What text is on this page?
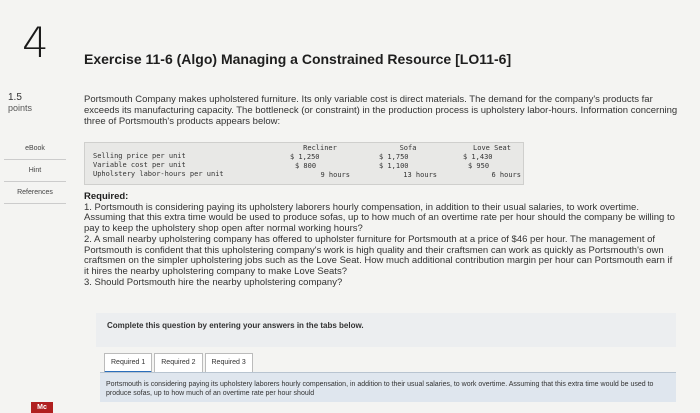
4
1.5
points
eBook
Hint
References
Exercise 11-6 (Algo) Managing a Constrained Resource [LO11-6]
Portsmouth Company makes upholstered furniture. Its only variable cost is direct materials. The demand for the company's products far exceeds its manufacturing capacity. The bottleneck (or constraint) in the production process is upholstery labor-hours. Information concerning three of Portsmouth's products appears below:
Selling price per unit
Variable cost per unit
Upholstery labor-hours per unit
Recliner
$ 1,250
$ 800
9 hours
Sofa
$ 1,750
$ 1,100
13 hours
Love Seat
$ 1,430
$ 950
6 hours
Required:
1. Portsmouth is considering paying its upholstery laborers hourly compensation, in addition to their usual salaries, to work overtime. Assuming that this extra time would be used to produce sofas, up to how much of an overtime rate per hour should the company be willing to pay to keep the upholstery shop open after normal working hours?
2. A small nearby upholstering company has offered to upholster furniture for Portsmouth at a price of $46 per hour. The management of Portsmouth is confident that this upholstering company's work is high quality and their craftsmen can work as quickly as Portsmouth's own craftsmen on the simpler upholstering jobs such as the Love Seat. How much additional contribution margin per hour can Portsmouth earn if it hires the nearby upholstering company to make Love Seats?
3. Should Portsmouth hire the nearby upholstering company?
Complete this question by entering your answers in the tabs below.
Required 1	Required 2	Required 3
Portsmouth is considering paying its upholstery laborers hourly compensation, in addition to their usual salaries, to work overtime. Assuming that this extra time would be used to produce sofas, up to how much of an overtime rate per hour should
Mc
